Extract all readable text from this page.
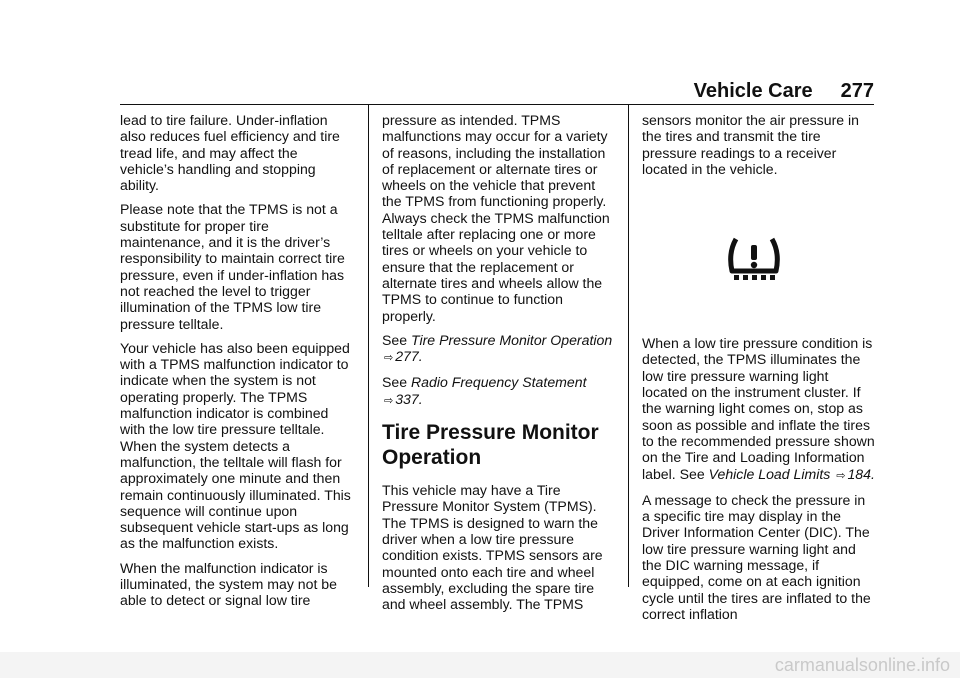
Vehicle Care 277

lead to tire failure. Under-inflation also reduces fuel efficiency and tire tread life, and may affect the vehicle’s handling and stopping ability.

Please note that the TPMS is not a substitute for proper tire maintenance, and it is the driver’s responsibility to maintain correct tire pressure, even if under-inflation has not reached the level to trigger illumination of the TPMS low tire pressure telltale.

Your vehicle has also been equipped with a TPMS malfunction indicator to indicate when the system is not operating properly. The TPMS malfunction indicator is combined with the low tire pressure telltale. When the system detects a malfunction, the telltale will flash for approximately one minute and then remain continuously illuminated. This sequence will continue upon subsequent vehicle start-ups as long as the malfunction exists.

When the malfunction indicator is illuminated, the system may not be able to detect or signal low tire

pressure as intended. TPMS malfunctions may occur for a variety of reasons, including the installation of replacement or alternate tires or wheels on the vehicle that prevent the TPMS from functioning properly. Always check the TPMS malfunction telltale after replacing one or more tires or wheels on your vehicle to ensure that the replacement or alternate tires and wheels allow the TPMS to continue to function properly.

See Tire Pressure Monitor Operation ⇨ 277.

See Radio Frequency Statement
⇨ 337.

Tire Pressure Monitor Operation

This vehicle may have a Tire Pressure Monitor System (TPMS). The TPMS is designed to warn the driver when a low tire pressure condition exists. TPMS sensors are mounted onto each tire and wheel assembly, excluding the spare tire and wheel assembly. The TPMS

sensors monitor the air pressure in the tires and transmit the tire pressure readings to a receiver located in the vehicle.

When a low tire pressure condition is detected, the TPMS illuminates the low tire pressure warning light located on the instrument cluster. If the warning light comes on, stop as soon as possible and inflate the tires to the recommended pressure shown on the Tire and Loading Information label. See Vehicle Load Limits ⇨ 184.

A message to check the pressure in a specific tire may display in the Driver Information Center (DIC). The low tire pressure warning light and the DIC warning message, if equipped, come on at each ignition cycle until the tires are inflated to the correct inflation

carmanualsonline.info
